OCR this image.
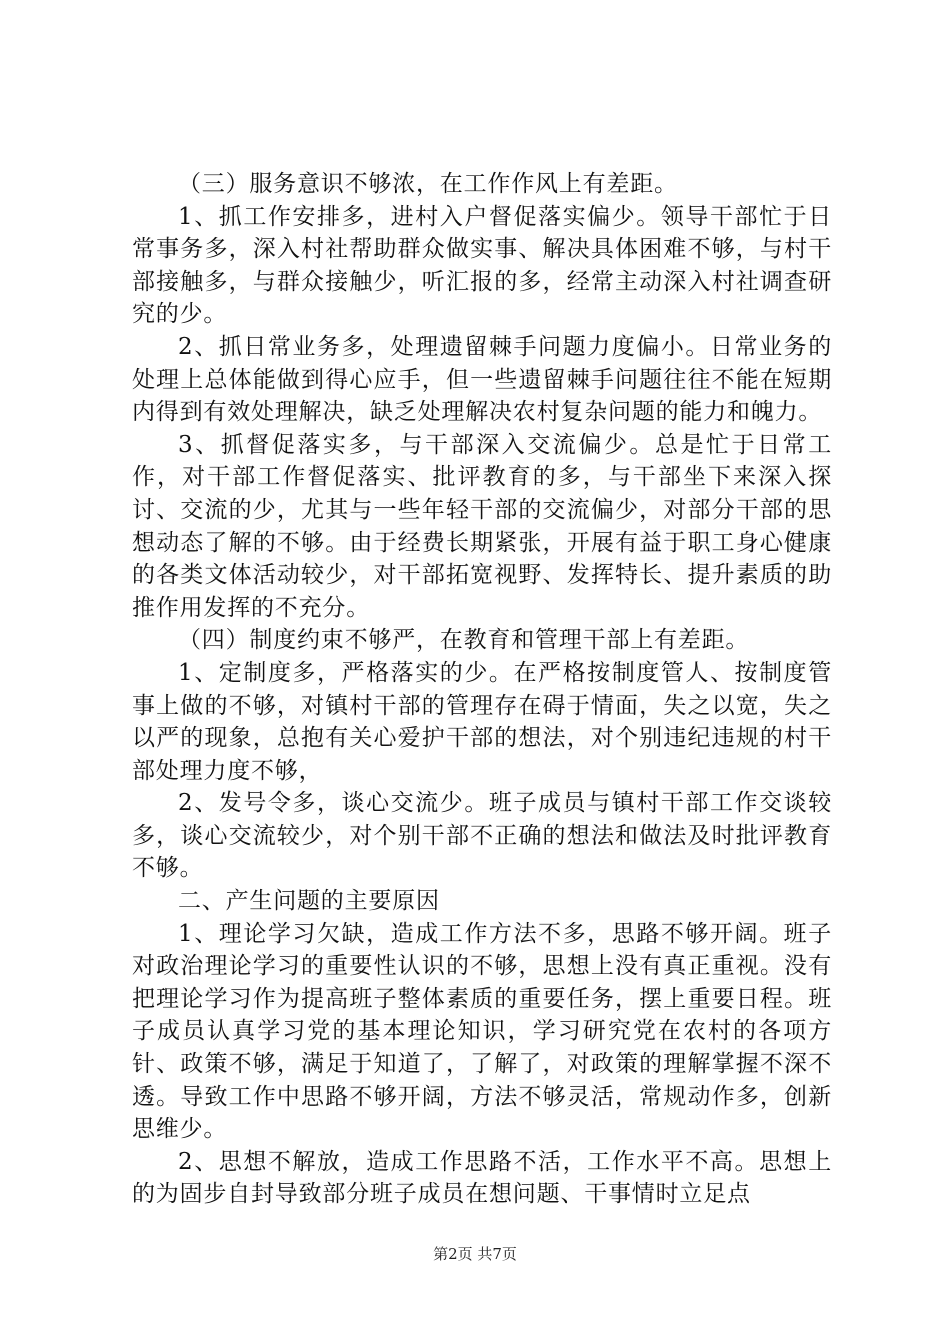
（三）服务意识不够浓，在工作作风上有差距。

1、抓工作安排多，进村入户督促落实偏少。领导干部忙于日常事务多，深入村社帮助群众做实事、解决具体困难不够，与村干部接触多，与群众接触少，听汇报的多，经常主动深入村社调查研究的少。

2、抓日常业务多，处理遗留棘手问题力度偏小。日常业务的处理上总体能做到得心应手，但一些遗留棘手问题往往不能在短期内得到有效处理解决，缺乏处理解决农村复杂问题的能力和魄力。

3、抓督促落实多，与干部深入交流偏少。总是忙于日常工作，对干部工作督促落实、批评教育的多，与干部坐下来深入探讨、交流的少，尤其与一些年轻干部的交流偏少，对部分干部的思想动态了解的不够。由于经费长期紧张，开展有益于职工身心健康的各类文体活动较少，对干部拓宽视野、发挥特长、提升素质的助推作用发挥的不充分。

（四）制度约束不够严，在教育和管理干部上有差距。

1、定制度多，严格落实的少。在严格按制度管人、按制度管事上做的不够，对镇村干部的管理存在碍于情面，失之以宽，失之以严的现象，总抱有关心爱护干部的想法，对个别违纪违规的村干部处理力度不够，

2、发号令多，谈心交流少。班子成员与镇村干部工作交谈较多，谈心交流较少，对个别干部不正确的想法和做法及时批评教育不够。

二、产生问题的主要原因

1、理论学习欠缺，造成工作方法不多，思路不够开阔。班子对政治理论学习的重要性认识的不够，思想上没有真正重视。没有把理论学习作为提高班子整体素质的重要任务，摆上重要日程。班子成员认真学习党的基本理论知识，学习研究党在农村的各项方针、政策不够，满足于知道了，了解了，对政策的理解掌握不深不透。导致工作中思路不够开阔，方法不够灵活，常规动作多，创新思维少。

2、思想不解放，造成工作思路不活，工作水平不高。思想上的为固步自封导致部分班子成员在想问题、干事情时立足点

第2页 共7页
